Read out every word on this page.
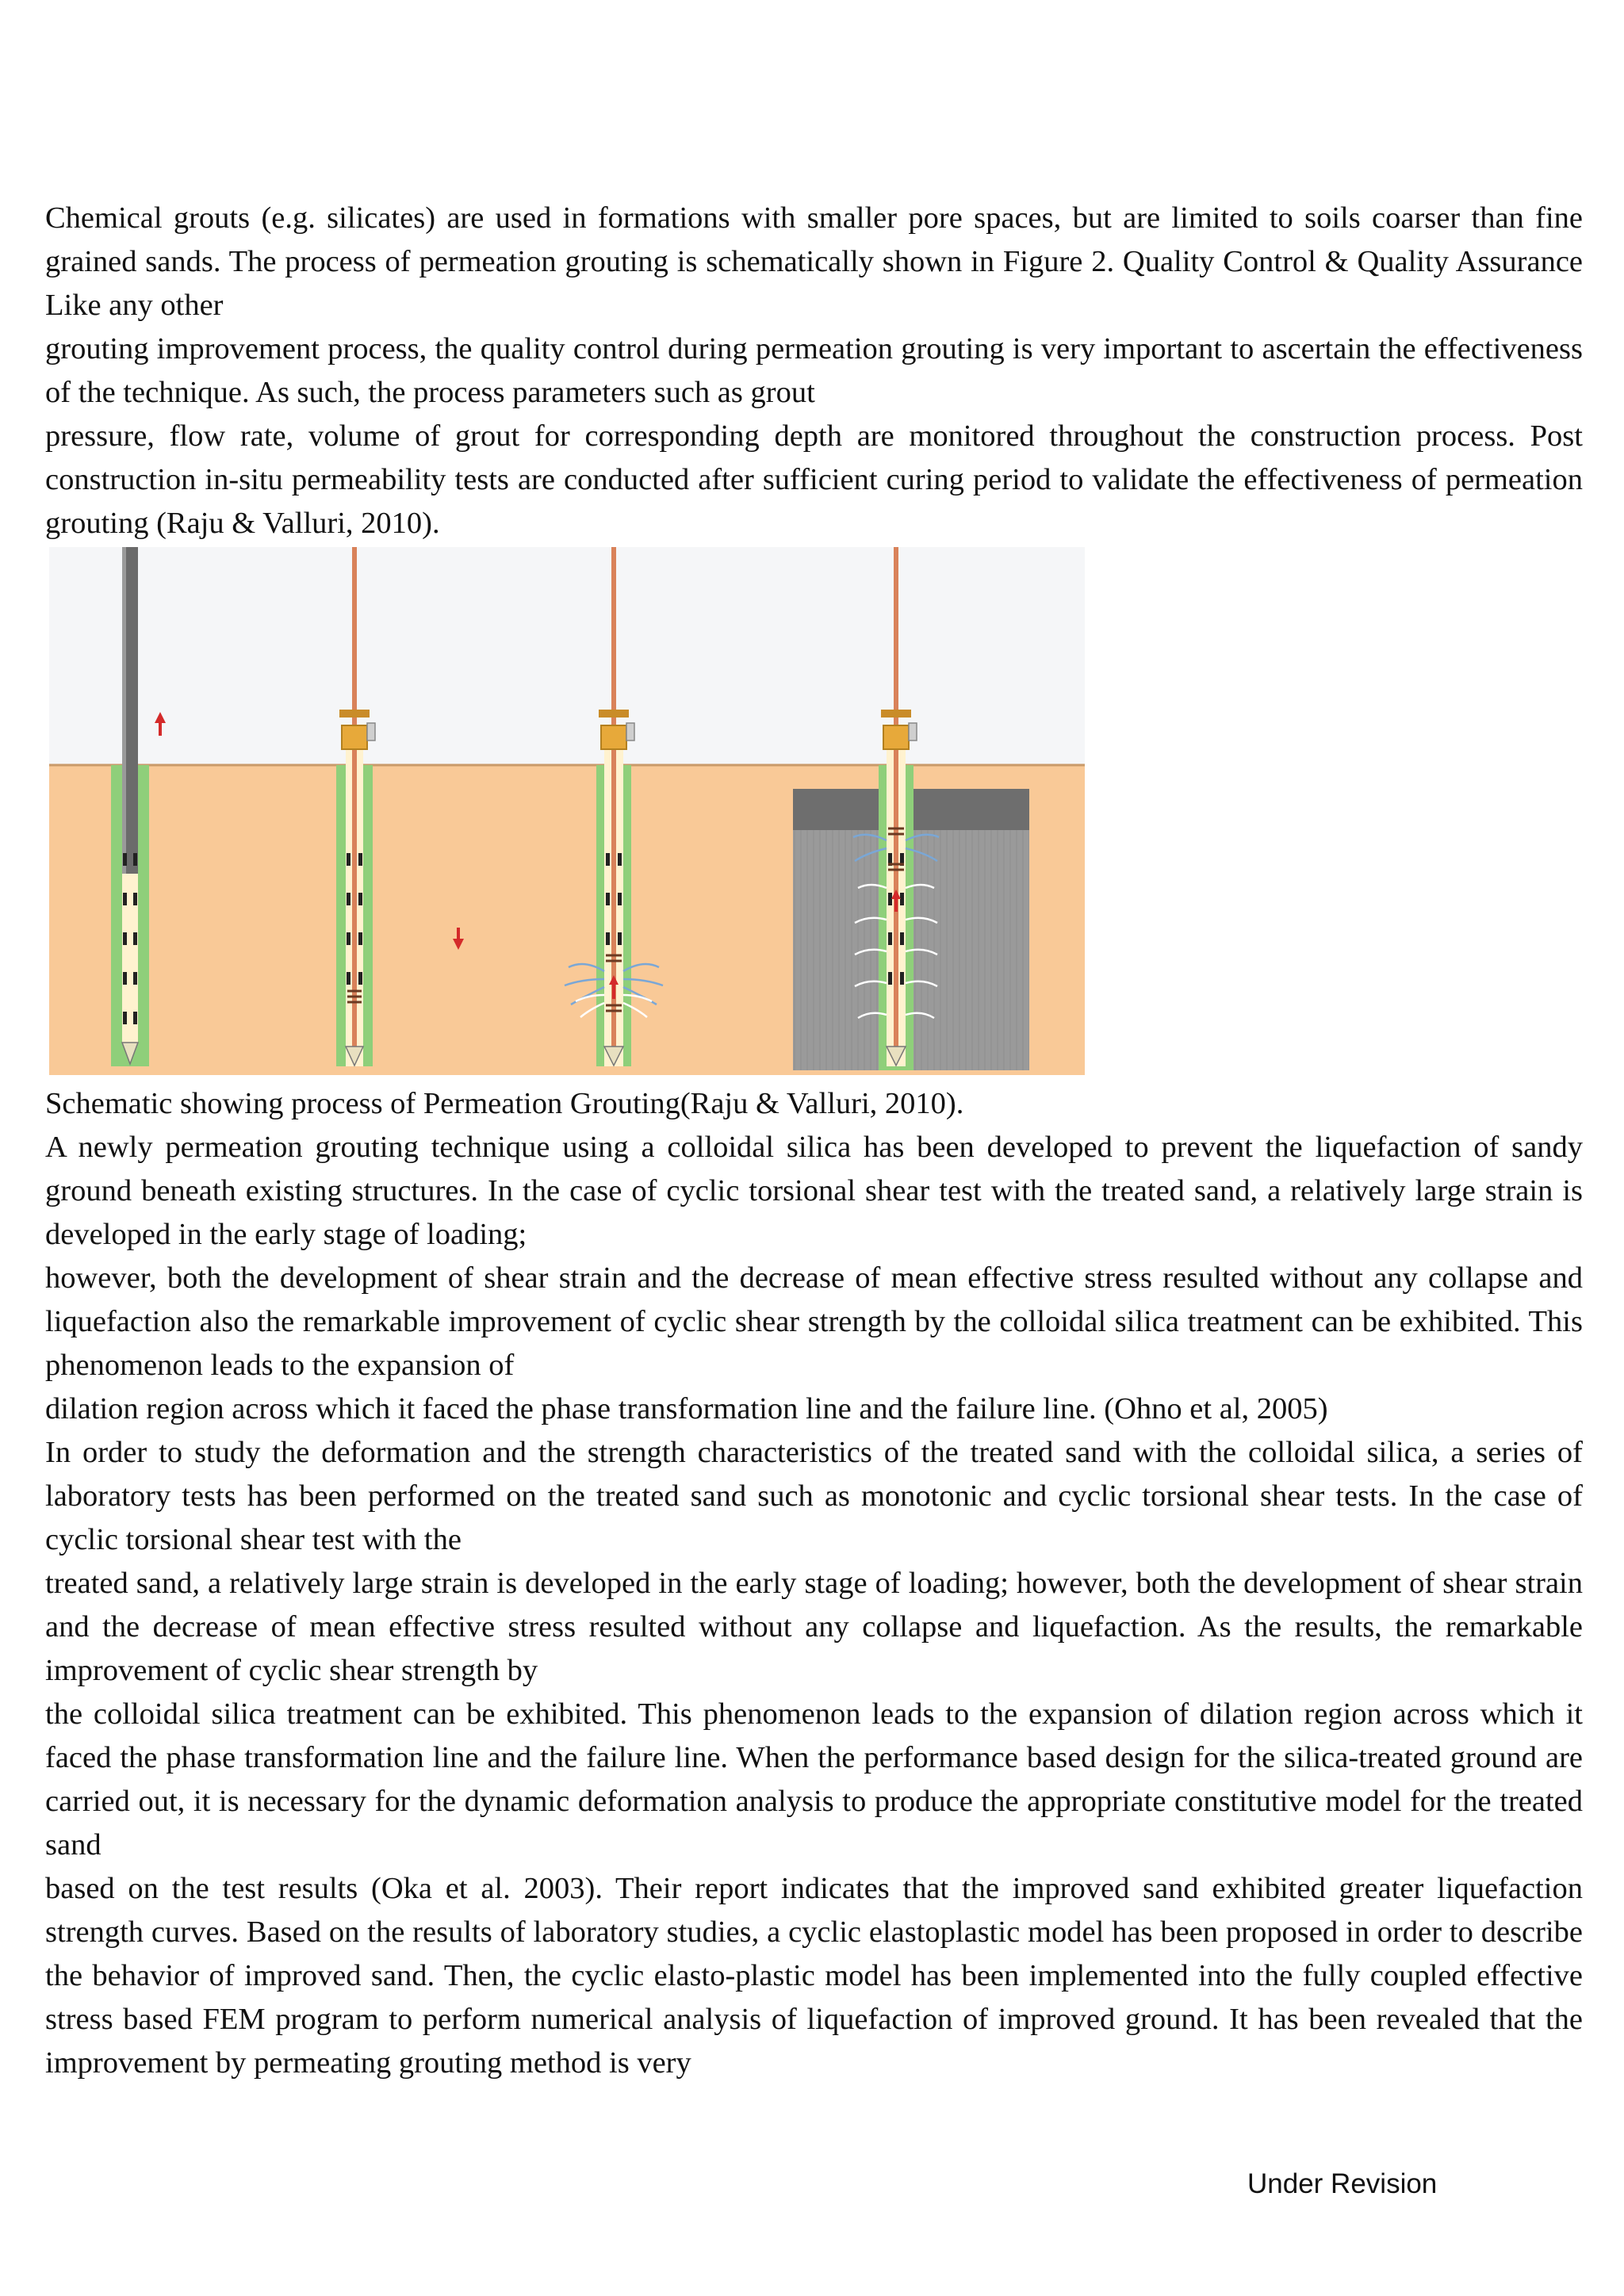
Chemical grouts (e.g. silicates) are used in formations with smaller pore spaces, but are limited to soils coarser than fine grained sands. The process of permeation grouting is schematically shown in Figure 2. Quality Control & Quality Assurance Like any other

grouting improvement process, the quality control during permeation grouting is very important to ascertain the effectiveness of the technique. As such, the process parameters such as grout

pressure, flow rate, volume of grout for corresponding depth are monitored throughout the construction process. Post construction in-situ permeability tests are conducted after sufficient curing period to validate the effectiveness of permeation grouting (Raju & Valluri, 2010).

Schematic showing process of Permeation Grouting(Raju & Valluri, 2010).

A newly permeation grouting technique using a colloidal silica has been developed to prevent the liquefaction of sandy ground beneath existing structures. In the case of cyclic torsional shear test with the treated sand, a relatively large strain is developed in the early stage of loading;

however, both the development of shear strain and the decrease of mean effective stress resulted without any collapse and liquefaction also the remarkable improvement of cyclic shear strength by the colloidal silica treatment can be exhibited. This phenomenon leads to the expansion of

dilation region across which it faced the phase transformation line and the failure line. (Ohno et al, 2005)

In order to study the deformation and the strength characteristics of the treated sand with the colloidal silica, a series of laboratory tests has been performed on the treated sand such as monotonic and cyclic torsional shear tests. In the case of cyclic torsional shear test with the

treated sand, a relatively large strain is developed in the early stage of loading; however, both the development of shear strain and the decrease of mean effective stress resulted without any collapse and liquefaction. As the results, the remarkable improvement of cyclic shear strength by

the colloidal silica treatment can be exhibited. This phenomenon leads to the expansion of dilation region across which it faced the phase transformation line and the failure line. When the performance based design for the silica-treated ground are carried out, it is necessary for the dynamic deformation analysis to produce the appropriate constitutive model for the treated sand

based on the test results (Oka et al. 2003). Their report indicates that the improved sand exhibited greater liquefaction strength curves. Based on the results of laboratory studies, a cyclic elastoplastic model has been proposed in order to describe the behavior of improved sand. Then, the cyclic elasto-plastic model has been implemented into the fully coupled effective stress based FEM program to perform numerical analysis of liquefaction of improved ground. It has been revealed that the improvement by permeating grouting method is very

Under Revision
